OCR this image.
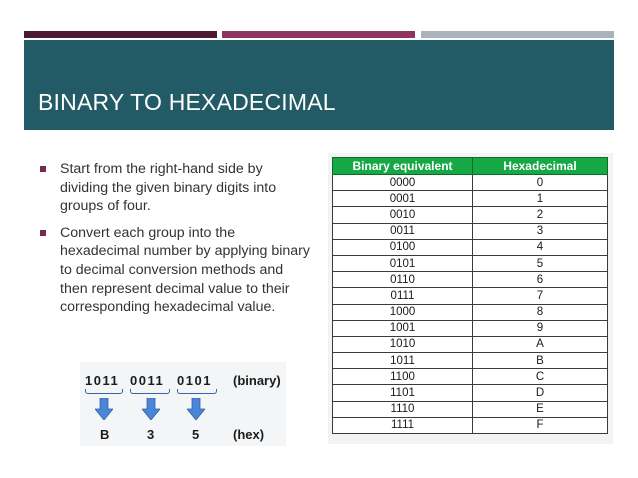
BINARY TO HEXADECIMAL
Start from the right-hand side by dividing the given binary digits into groups of four.
Convert each group into the hexadecimal number by applying binary to decimal conversion methods and then represent decimal value to their corresponding hexadecimal value.
1011 0011 0101 (binary)
B	3	5	(hex)
Binary equivalent	Hexadecimal
0000	0
0001	1
0010	2
0011	3
0100	4
0101	5
0110	6
0111	7
1000	8
1001	9
1010	A
1011	B
1100	C
1101	D
1110	E
1111	F
